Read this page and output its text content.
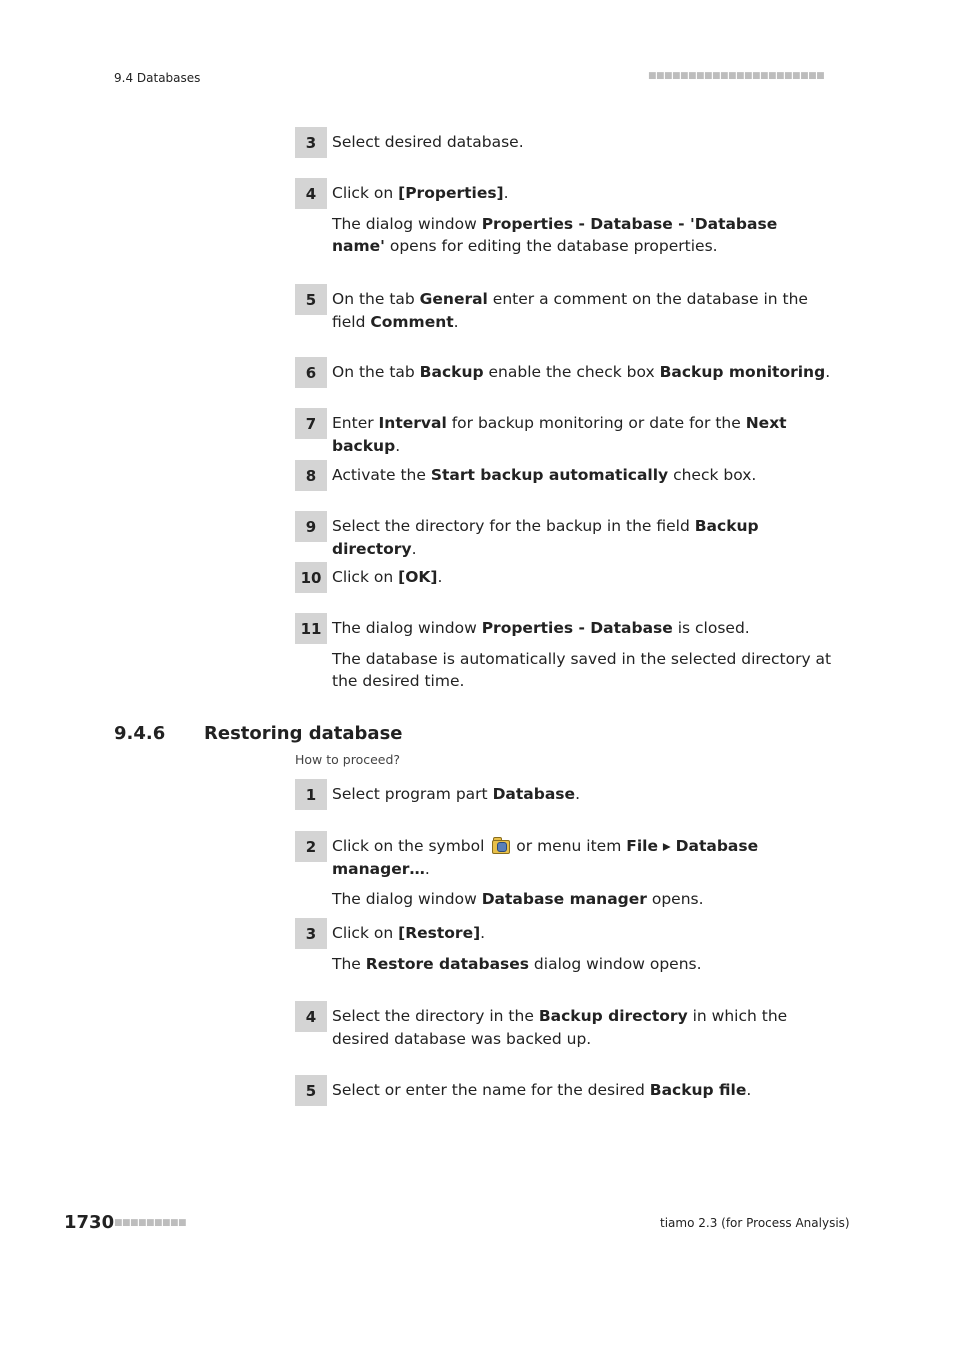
9.4 Databases	■■■■■■■■■■■■■■■■■■■■■■
3	Select desired database.
4	Click on [Properties].
The dialog window Properties - Database - 'Database name' opens for editing the database properties.
5	On the tab General enter a comment on the database in the field Comment.
6	On the tab Backup enable the check box Backup monitoring.
7	Enter Interval for backup monitoring or date for the Next backup.
8	Activate the Start backup automatically check box.
9	Select the directory for the backup in the field Backup directory.
10 Click on [OK].
11 The dialog window Properties - Database is closed.
The database is automatically saved in the selected directory at the desired time.
9.4.6 Restoring database
How to proceed?
1	Select program part Database.
2	Click on the symbol
or menu item File ▸ Database manager….
The dialog window Database manager opens.
3	Click on [Restore].
The Restore databases dialog window opens.
4	Select the directory in the Backup directory in which the desired database was backed up.
5	Select or enter the name for the desired Backup file.
1730 ■■■■■■■■■	tiamo 2.3 (for Process Analysis)
